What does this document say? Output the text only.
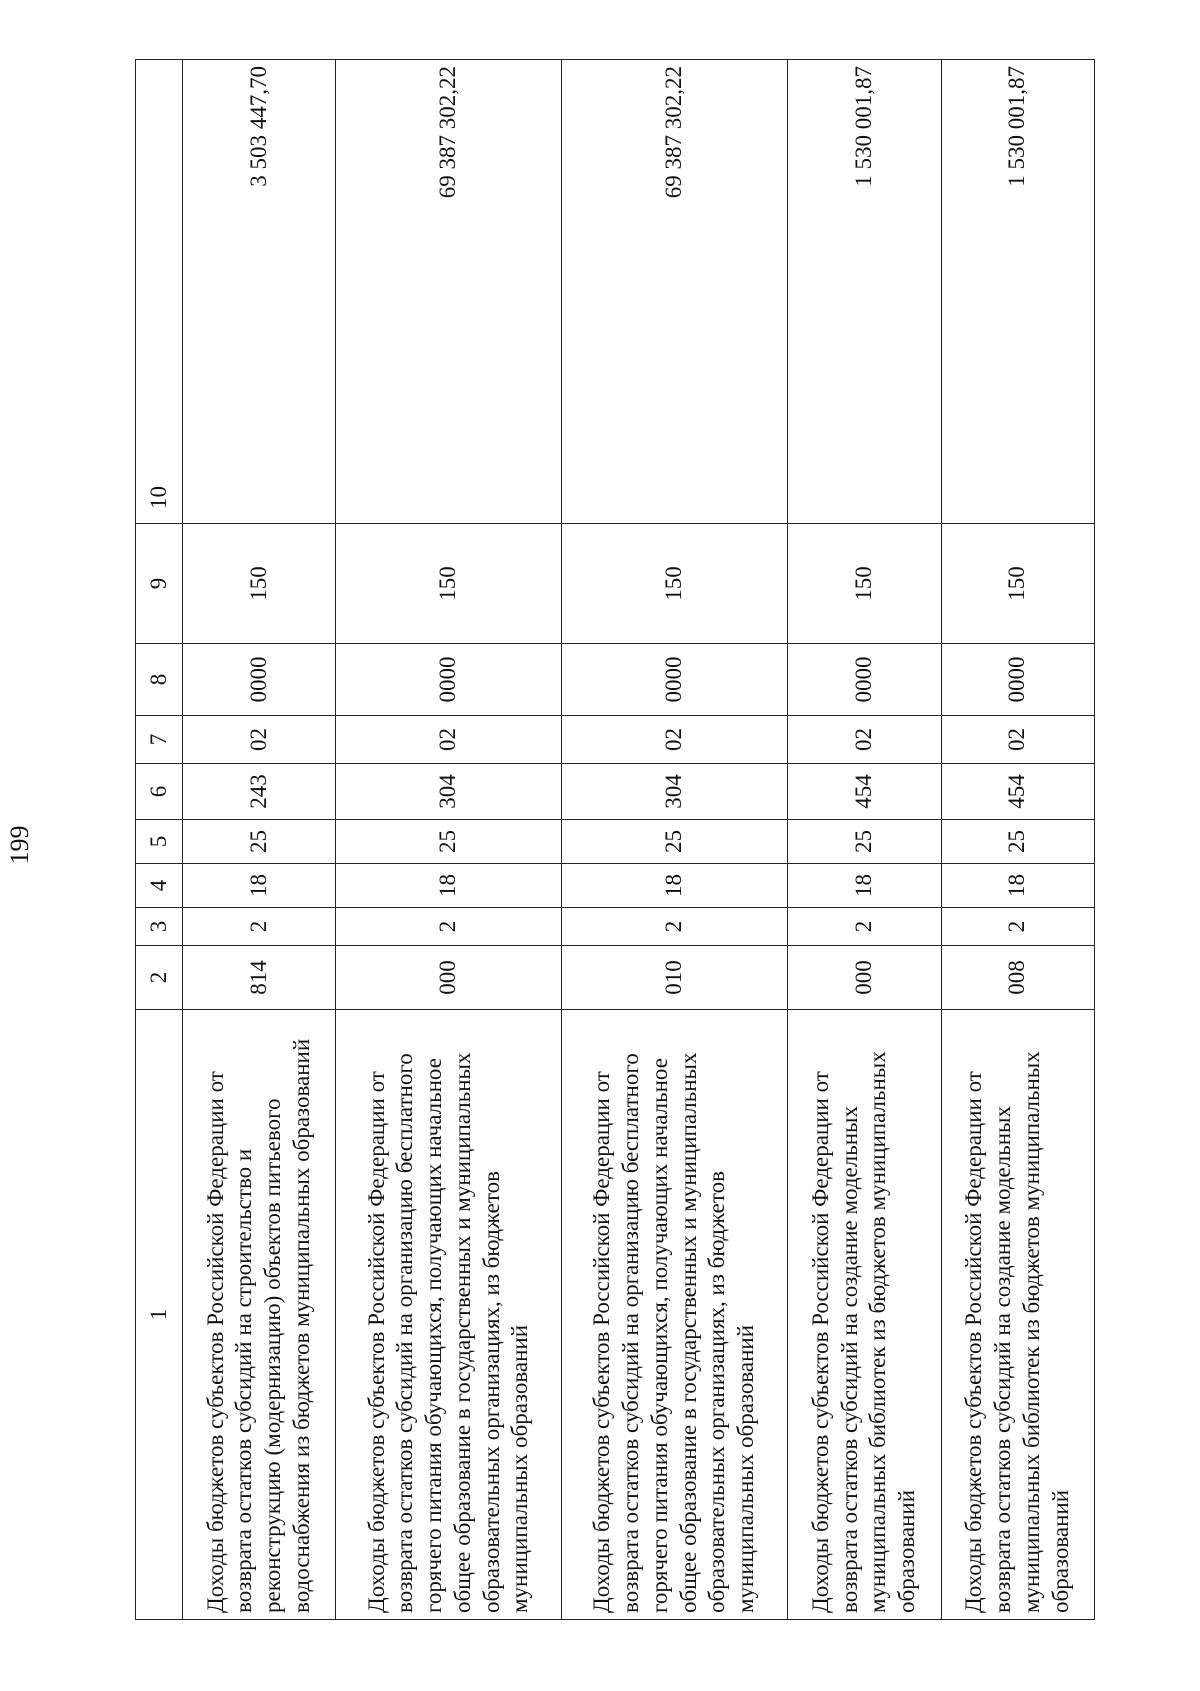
199
1	2	3	4	5	6	7	8	9	10
Доходы бюджетов субъектов Российской Федерации от возврата остатков субсидий на строительство и реконструкцию (модернизацию) объектов питьевого водоснабжения из бюджетов муниципальных образований	814	2	18	25	243	02	0000	150	3 503 447,70
Доходы бюджетов субъектов Российской Федерации от возврата остатков субсидий на организацию бесплатного горячего питания обучающихся, получающих начальное общее образование в государственных и муниципальных образовательных организациях, из бюджетов муниципальных образований	000	2	18	25	304	02	0000	150	69 387 302,22
Доходы бюджетов субъектов Российской Федерации от возврата остатков субсидий на организацию бесплатного горячего питания обучающихся, получающих начальное общее образование в государственных и муниципальных образовательных организациях, из бюджетов муниципальных образований	010	2	18	25	304	02	0000	150	69 387 302,22
Доходы бюджетов субъектов Российской Федерации от возврата остатков субсидий на создание модельных муниципальных библиотек из бюджетов муниципальных образований	000	2	18	25	454	02	0000	150	1 530 001,87
Доходы бюджетов субъектов Российской Федерации от возврата остатков субсидий на создание модельных муниципальных библиотек из бюджетов муниципальных образований	008	2	18	25	454	02	0000	150	1 530 001,87
